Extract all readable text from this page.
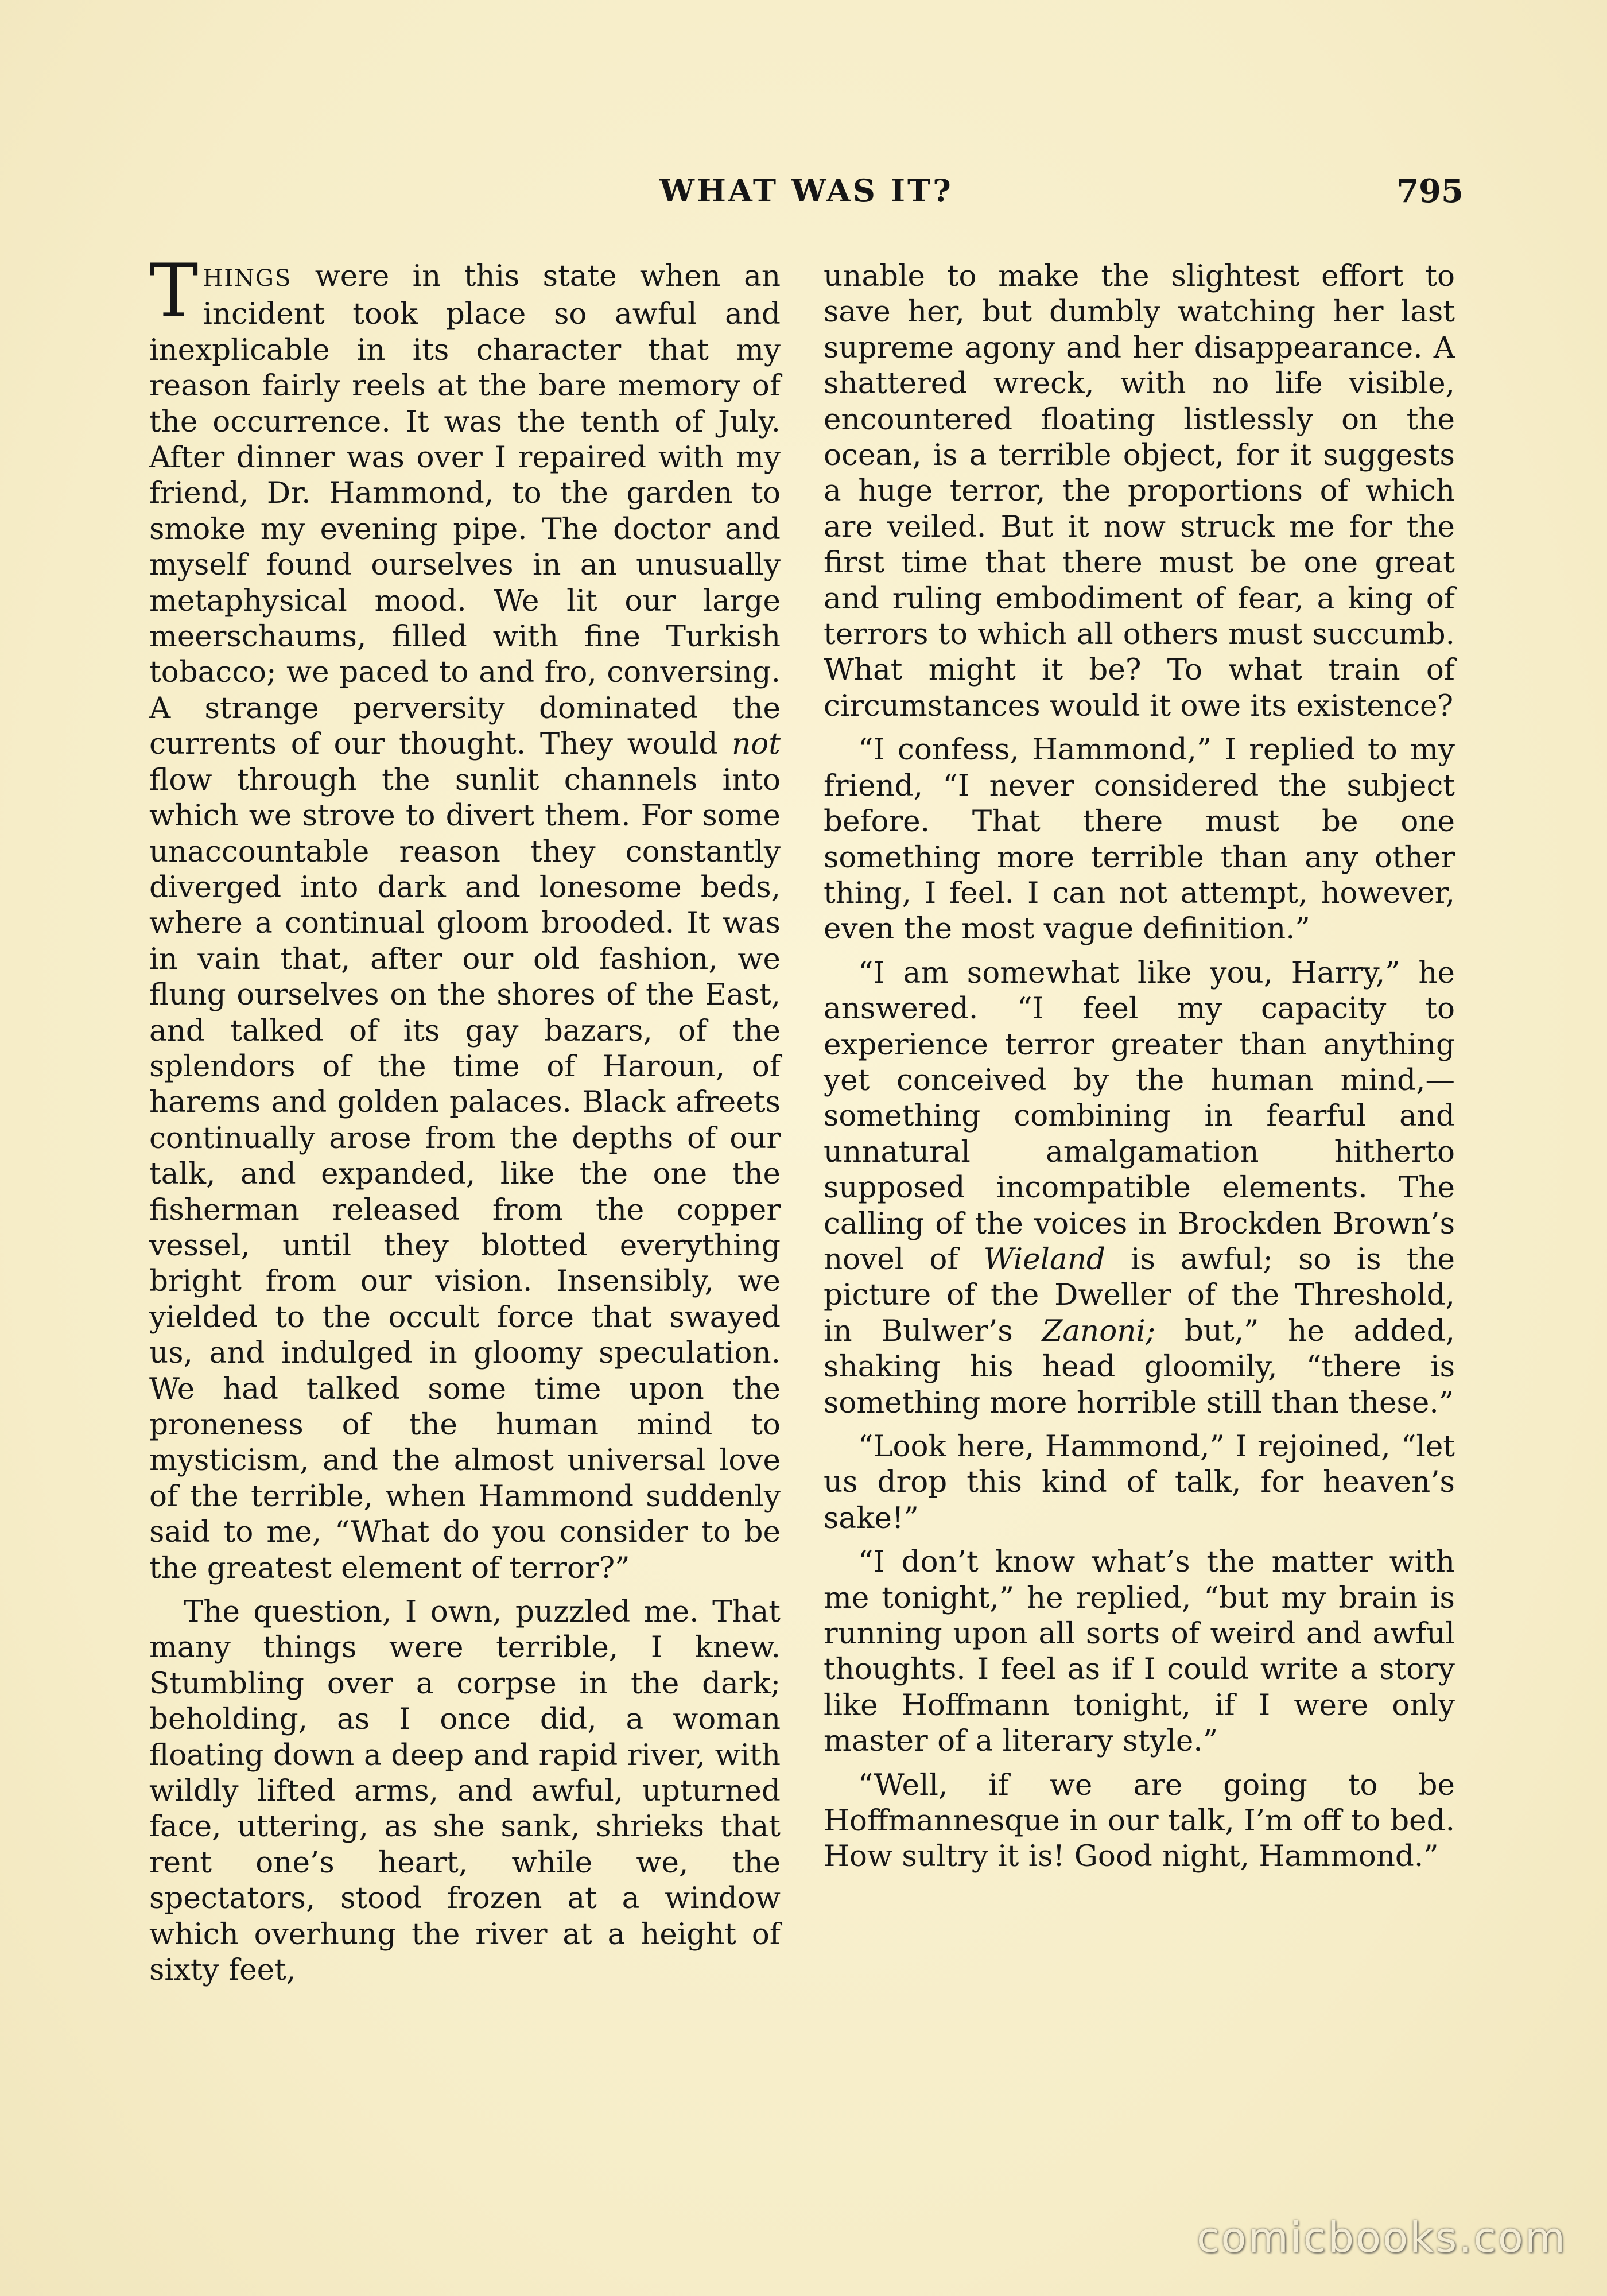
WHAT WAS IT?	795

THINGS were in this state when an incident took place so awful and inexplicable in its character that my reason fairly reels at the bare memory of the occurrence. It was the tenth of July. After dinner was over I repaired with my friend, Dr. Hammond, to the garden to smoke my evening pipe. The doctor and myself found ourselves in an unusually metaphysical mood. We lit our large meerschaums, filled with fine Turkish tobacco; we paced to and fro, conversing. A strange perversity dominated the currents of our thought. They would not flow through the sunlit channels into which we strove to divert them. For some unaccountable reason they constantly diverged into dark and lonesome beds, where a continual gloom brooded. It was in vain that, after our old fashion, we flung ourselves on the shores of the East, and talked of its gay bazars, of the splendors of the time of Haroun, of harems and golden palaces. Black afreets continually arose from the depths of our talk, and expanded, like the one the fisherman released from the copper vessel, until they blotted everything bright from our vision. Insensibly, we yielded to the occult force that swayed us, and indulged in gloomy speculation. We had talked some time upon the proneness of the human mind to mysticism, and the almost universal love of the terrible, when Hammond suddenly said to me, “What do you consider to be the greatest element of terror?”

The question, I own, puzzled me. That many things were terrible, I knew. Stumbling over a corpse in the dark; beholding, as I once did, a woman floating down a deep and rapid river, with wildly lifted arms, and awful, upturned face, uttering, as she sank, shrieks that rent one’s heart, while we, the spectators, stood frozen at a window which overhung the river at a height of sixty feet,

unable to make the slightest effort to save her, but dumbly watching her last supreme agony and her disappearance. A shattered wreck, with no life visible, encountered floating listlessly on the ocean, is a terrible object, for it suggests a huge terror, the proportions of which are veiled. But it now struck me for the first time that there must be one great and ruling embodiment of fear, a king of terrors to which all others must succumb. What might it be? To what train of circumstances would it owe its existence?

“I confess, Hammond,” I replied to my friend, “I never considered the subject before. That there must be one something more terrible than any other thing, I feel. I can not attempt, however, even the most vague definition.”

“I am somewhat like you, Harry,” he answered. “I feel my capacity to experience terror greater than anything yet conceived by the human mind,—something combining in fearful and unnatural amalgamation hitherto supposed incompatible elements. The calling of the voices in Brockden Brown’s novel of Wieland is awful; so is the picture of the Dweller of the Threshold, in Bulwer’s Zanoni; but,” he added, shaking his head gloomily, “there is something more horrible still than these.”

“Look here, Hammond,” I rejoined, “let us drop this kind of talk, for heaven’s sake!”

“I don’t know what’s the matter with me tonight,” he replied, “but my brain is running upon all sorts of weird and awful thoughts. I feel as if I could write a story like Hoffmann tonight, if I were only master of a literary style.”

“Well, if we are going to be Hoffmannesque in our talk, I’m off to bed. How sultry it is! Good night, Hammond.”

comicbooks.com
